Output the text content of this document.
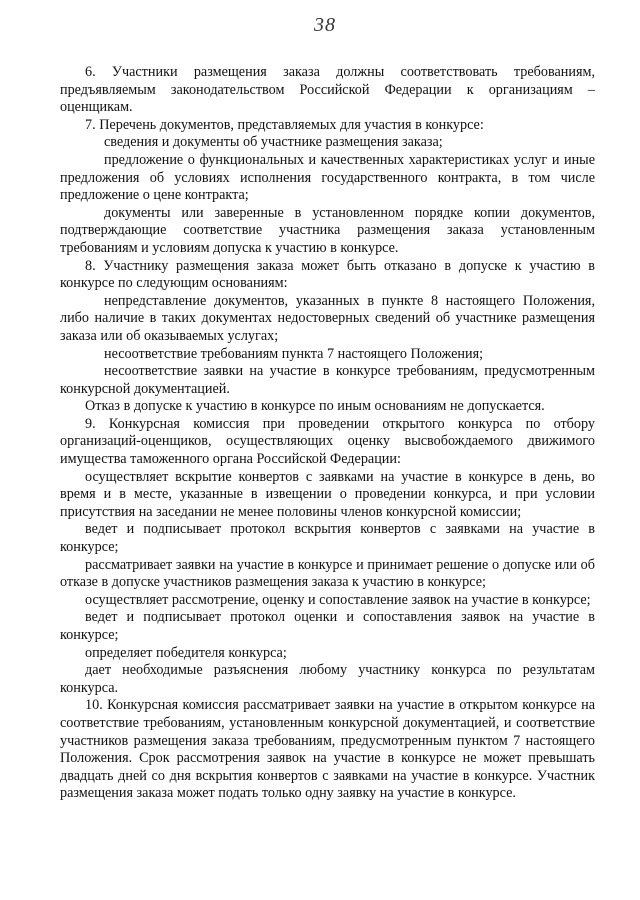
38

6. Участники размещения заказа должны соответствовать требованиям, предъявляемым законодательством Российской Федерации к организациям – оценщикам.

7. Перечень документов, представляемых для участия в конкурсе:

сведения и документы об участнике размещения заказа;

предложение о функциональных и качественных характеристиках услуг и иные предложения об условиях исполнения государственного контракта, в том числе предложение о цене контракта;

документы или заверенные в установленном порядке копии документов, подтверждающие соответствие участника размещения заказа установленным требованиям и условиям допуска к участию в конкурсе.

8. Участнику размещения заказа может быть отказано в допуске к участию в конкурсе по следующим основаниям:

непредставление документов, указанных в пункте 8 настоящего Положения, либо наличие в таких документах недостоверных сведений об участнике размещения заказа или об оказываемых услугах;

несоответствие требованиям пункта 7 настоящего Положения;

несоответствие заявки на участие в конкурсе требованиям, предусмотренным конкурсной документацией.

Отказ в допуске к участию в конкурсе по иным основаниям не допускается.

9. Конкурсная комиссия при проведении открытого конкурса по отбору организаций-оценщиков, осуществляющих оценку высвобождаемого движимого имущества таможенного органа Российской Федерации:

осуществляет вскрытие конвертов с заявками на участие в конкурсе в день, во время и в месте, указанные в извещении о проведении конкурса, и при условии присутствия на заседании не менее половины членов конкурсной комиссии;

ведет и подписывает протокол вскрытия конвертов с заявками на участие в конкурсе;

рассматривает заявки на участие в конкурсе и принимает решение о допуске или об отказе в допуске участников размещения заказа к участию в конкурсе;

осуществляет рассмотрение, оценку и сопоставление заявок на участие в конкурсе;

ведет и подписывает протокол оценки и сопоставления заявок на участие в конкурсе;

определяет победителя конкурса;

дает необходимые разъяснения любому участнику конкурса по результатам конкурса.

10. Конкурсная комиссия рассматривает заявки на участие в открытом конкурсе на соответствие требованиям, установленным конкурсной документацией, и соответствие участников размещения заказа требованиям, предусмотренным пунктом 7 настоящего Положения. Срок рассмотрения заявок на участие в конкурсе не может превышать двадцать дней со дня вскрытия конвертов с заявками на участие в конкурсе. Участник размещения заказа может подать только одну заявку на участие в конкурсе.
